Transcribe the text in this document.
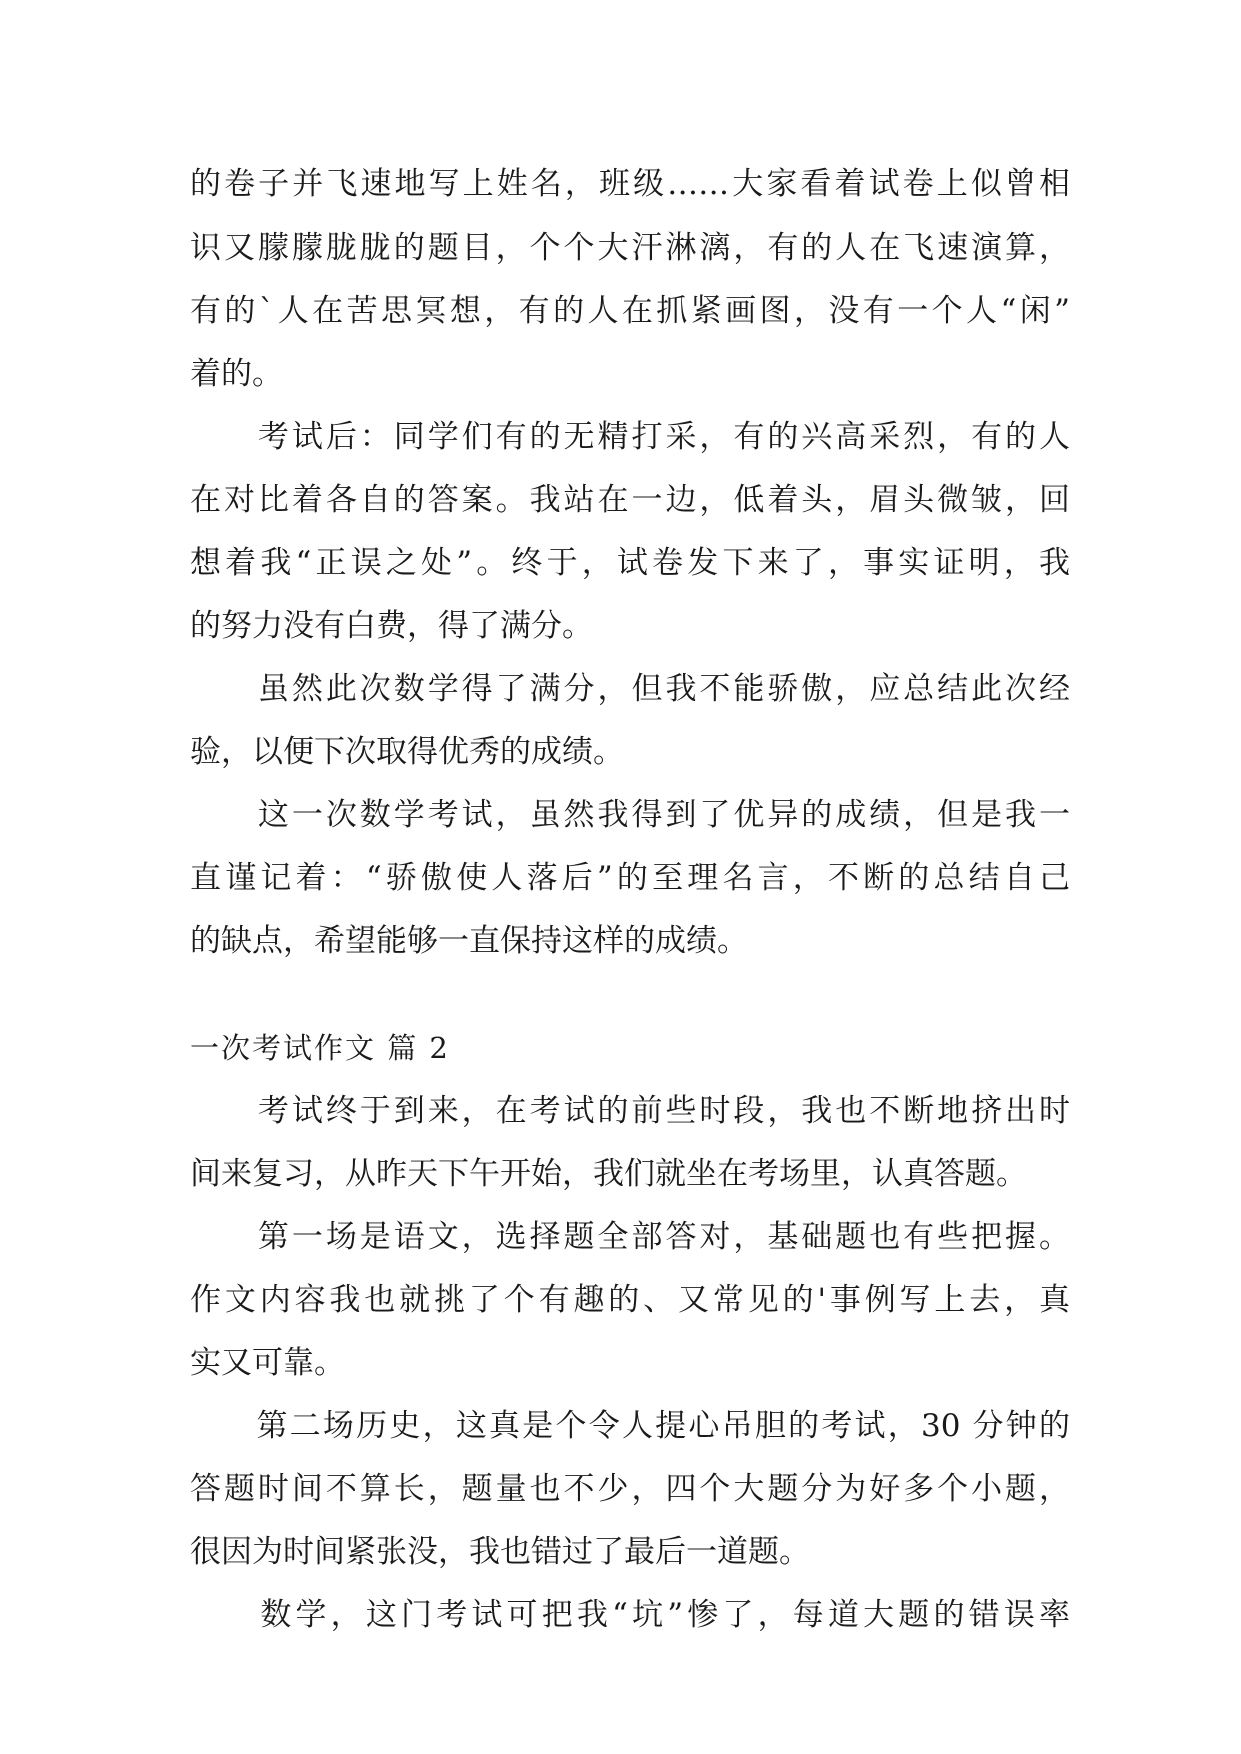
的卷子并飞速地写上姓名，班级……大家看着试卷上似曾相
识又朦朦胧胧的题目，个个大汗淋漓，有的人在飞速演算，
有的`人在苦思冥想，有的人在抓紧画图，没有一个人“闲”
着的。
　　考试后：同学们有的无精打采，有的兴高采烈，有的人
在对比着各自的答案。我站在一边，低着头，眉头微皱，回
想着我“正误之处”。终于，试卷发下来了，事实证明，我
的努力没有白费，得了满分。
　　虽然此次数学得了满分，但我不能骄傲，应总结此次经
验，以便下次取得优秀的成绩。
　　这一次数学考试，虽然我得到了优异的成绩，但是我一
直谨记着：“骄傲使人落后”的至理名言，不断的总结自己
的缺点，希望能够一直保持这样的成绩。
一次考试作文 篇 2
　　考试终于到来，在考试的前些时段，我也不断地挤出时
间来复习，从昨天下午开始，我们就坐在考场里，认真答题。
　　第一场是语文，选择题全部答对，基础题也有些把握。
作文内容我也就挑了个有趣的、又常见的'事例写上去，真
实又可靠。
　　第二场历史，这真是个令人提心吊胆的考试，30 分钟的
答题时间不算长，题量也不少，四个大题分为好多个小题，
很因为时间紧张没，我也错过了最后一道题。
　　数学，这门考试可把我“坑”惨了，每道大题的错误率
